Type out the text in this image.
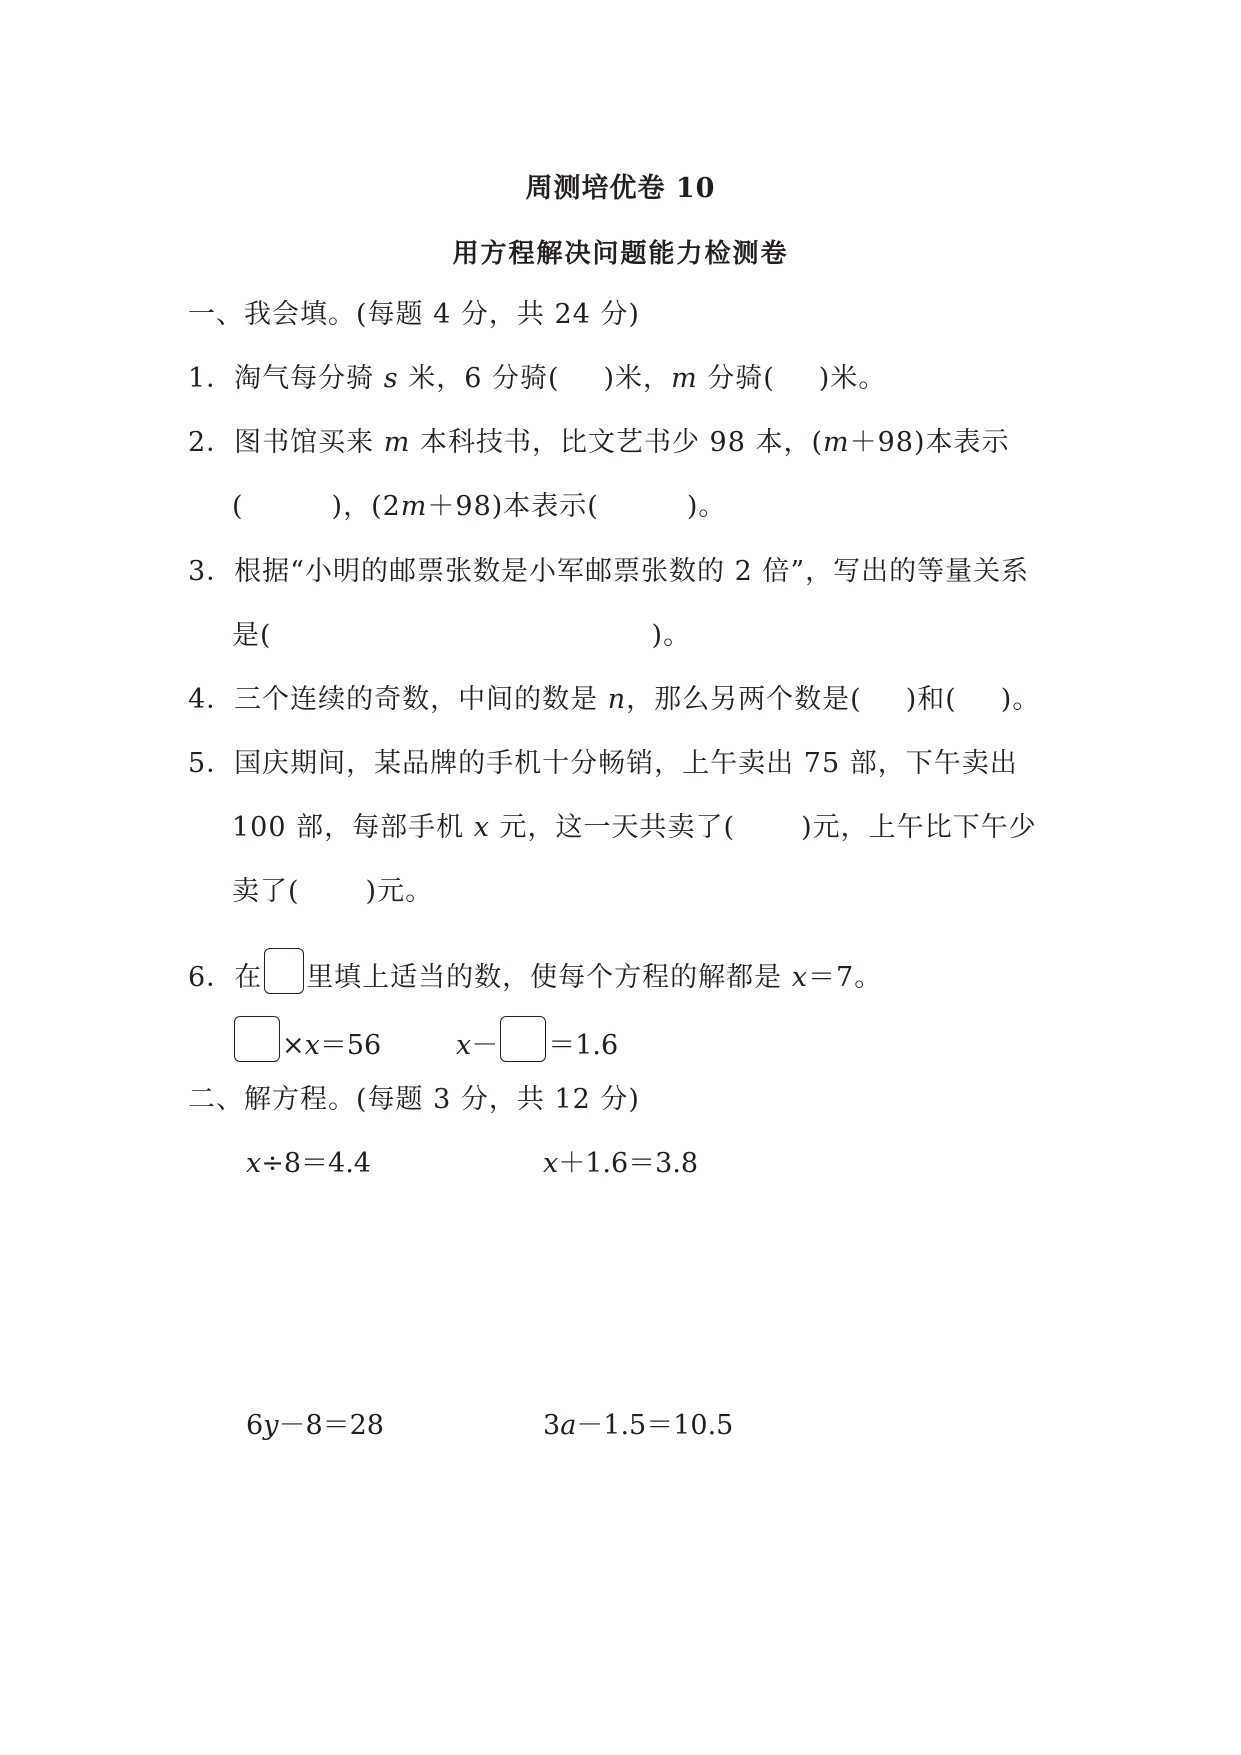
周测培优卷 10
用方程解决问题能力检测卷
一、我会填。(每题 4 分，共 24 分)
1．淘气每分骑 s 米，6 分骑( )米，m 分骑( )米。
2．图书馆买来 m 本科技书，比文艺书少 98 本，(m＋98)本表示
(	)，(2m＋98)本表示(	)。
3．根据“小明的邮票张数是小军邮票张数的 2 倍”，写出的等量关系
是(	)。
4．三个连续的奇数，中间的数是 n，那么另两个数是( )和( )。
5．国庆期间，某品牌的手机十分畅销，上午卖出 75 部，下午卖出
100 部，每部手机 x 元，这一天共卖了( )元，上午比下午少
卖了( )元。
6．在 里填上适当的数，使每个方程的解都是 x＝7。
×x＝56	x－ ＝1.6
二、解方程。(每题 3 分，共 12 分)
x÷8＝4.4	x＋1.6＝3.8
6y－8＝28	3a－1.5＝10.5
